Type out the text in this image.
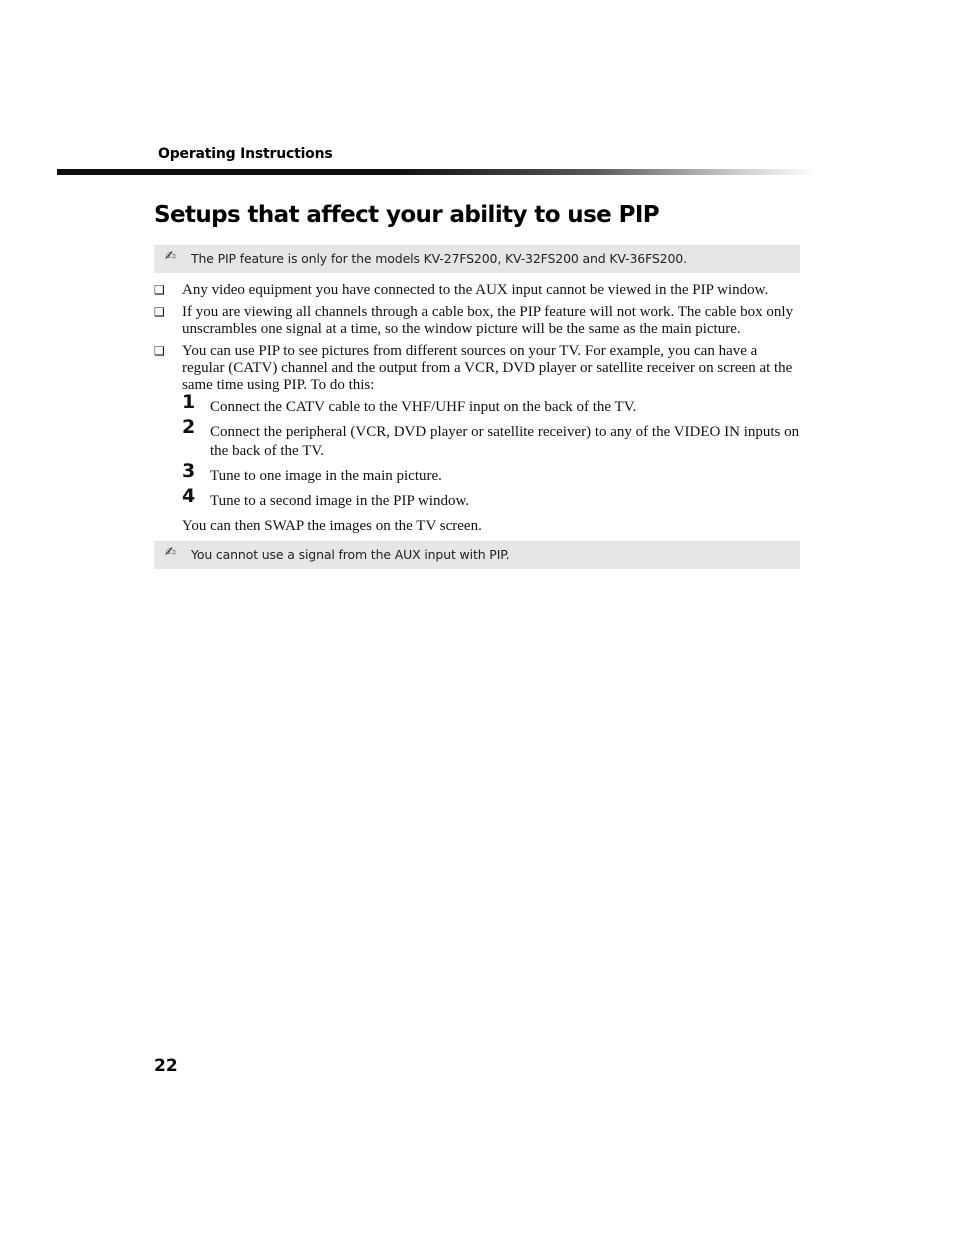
Operating Instructions
Setups that affect your ability to use PIP
✍ The PIP feature is only for the models KV-27FS200, KV-32FS200 and KV-36FS200.
❑ Any video equipment you have connected to the AUX input cannot be viewed in the PIP window.
❑ If you are viewing all channels through a cable box, the PIP feature will not work. The cable box only unscrambles one signal at a time, so the window picture will be the same as the main picture.
❑ You can use PIP to see pictures from different sources on your TV. For example, you can have a regular (CATV) channel and the output from a VCR, DVD player or satellite receiver on screen at the same time using PIP. To do this:
1 Connect the CATV cable to the VHF/UHF input on the back of the TV.
2 Connect the peripheral (VCR, DVD player or satellite receiver) to any of the VIDEO IN inputs on the back of the TV.
3 Tune to one image in the main picture.
4 Tune to a second image in the PIP window.
You can then SWAP the images on the TV screen.
✍ You cannot use a signal from the AUX input with PIP.
22
